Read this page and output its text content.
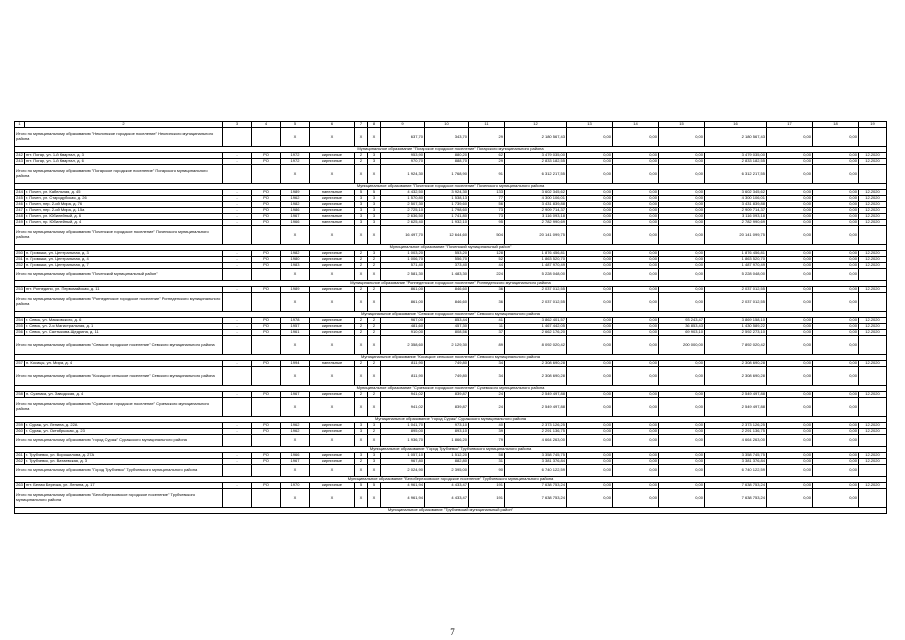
1	2	3	4	5	6	7	8	9	10	11	12	13	14	15	16	17	18	19
Итого по муниципальному образованию "Неклинское городское поселение" Неклинского муниципального района				X	X	X	X	637,70	343,70	29	2 180 567,43	0,00	0,00	0,00	2 180 567,43	0,00	0,00	
Муниципальное образование "Погарское городское поселение" Погарского муниципального района																		
242	пгт. Погар, ул. 1-й Квартал, д. 3	-	РО	1972	кирпичные	2	3	953,90	880,20	62	3 479 035,00	0,00	0,00	0,00	3 479 035,00	0,00	0,00	12.2020
243	пгт. Погар, ул. 1-й Квартал, д. 6	-	РО	1972	кирпичные	2	3	970,70	888,70	29	2 833 182,55	0,00	0,00	0,00	2 833 182,55	0,00	0,00	12.2020
Итого по муниципальному образованию "Погарское городское поселение" Погарского муниципального района				X	X	X	X	1 924,30	1 768,90	91	6 312 217,55	0,00	0,00	0,00	6 312 217,55	0,00	0,00	
Муниципальное образование "Почепское городское поселение" Почепского муниципального района																		
244	г. Почеп, ул. Кабельная, д. 45	-	РО	1989	панельные	5	5	4 432,50	3 924,30	133	3 602 345,62	0,00	0,00	0,00	3 602 345,62	0,00	0,00	12.2020
245	г. Почеп, ул. Стародубская, д. 26	-	РО	1962	кирпичные	3	3	1 570,80	1 538,13	77	4 300 106,01	0,00	0,00	0,00	4 300 106,01	0,00	0,00	12.2020
246	г. Почеп, пер. 2-ой Мира, д. 76	-	РО	1982	кирпичные	3	3	2 507,30	1 739,60	56	3 431 839,88	0,00	0,00	0,00	3 431 839,88	0,00	0,00	12.2020
247	г. Почеп, пер. 2-ой Мира, д. 15а	-	РО	1986	кирпичные	3	3	2 725,10	1 798,60	73	2 909 714,37	0,00	0,00	0,00	2 909 714,37	0,00	0,00	12.2020
248	г. Почеп, ул. Юбилейный, д. 6	-	РО	1967	панельные	3	3	2 636,50	1 741,80	73	3 116 093,18	0,00	0,00	0,00	3 116 093,18	0,00	0,00	12.2020
249	г. Почеп, пр. Юбилейный, д. 4	-	РО	1966	панельные	3	3	2 625,40	1 932,10	95	2 782 990,69	0,00	0,00	0,00	2 782 990,69	0,00	0,00	12.2020
Итого по муниципальному образованию "Почепское городское поселение" Почепского муниципального района				X	X	X	X	16 497,70	12 644,60	504	20 141 099,75	0,00	0,00	0,00	20 141 099,75	0,00	0,00	
Муниципальное образование "Почепский муниципальный район"																		
250	п. Громыки, ул. Центральная, д. 3	-	РО	1982	кирпичные	2	3	1 003,20	553,20	128	1 876 456,81	0,00	0,00	0,00	1 876 456,81	0,00	0,00	12.2020
251	п. Громыки, ул. Центральная, д. 4	-	РО	1980	кирпичные	2	2	1 006,70	556,70	52	1 863 520,70	0,00	0,00	0,00	1 863 520,70	0,00	0,00	12.2020
252	п. Громыки, ул. Центральная, д. 7	-	РО	1983	кирпичные	2	2	571,40	373,40	44	1 487 970,49	0,00	0,00	0,00	1 487 970,49	0,00	0,00	12.2020
Итого по муниципальному образованию "Почепский муниципальный район"				X	X	X	X	2 581,30	1 483,30	224	5 228 048,00	0,00	0,00	0,00	5 228 048,00	0,00	0,00	
Муниципальное образование "Ропнеденское городское поселение" Ропнеденского муниципального района																		
253	пгт. Рогнедино, ул. Первомайская, д. 11	-	РО	1989	кирпичные	2	2	861,00	846,60	36	2 037 012,55	0,00	0,00	0,00	2 037 012,55	0,00	0,00	12.2020
Итого по муниципальному образованию "Рогнеденское городское поселение" Рогнеденского муниципального района				X	X	X	X	861,00	846,60	36	2 037 012,55	0,00	0,00	0,00	2 037 012,55	0,00	0,00	
Муниципальное образование "Севское городское поселение" Севского муниципального района																		
254	г. Севск, ул. Маяковского, д. 6	-	РО	1978	кирпичные	2	2	967,00	853,44	41	3 862 401,57	0,00	0,00	93 243,47	3 869 158,10	0,00	0,00	12.2020
255	г. Севск, ул. 2-я Магистральная, д. 1	-	РО	1957	кирпичные	2	2	481,60	457,30	11	1 467 442,05	0,00	0,00	36 853,43	1 430 589,22	0,00	0,00	12.2020
256	г. Севск, ул. Салтыкова-Щедрина, д. 11	-	РО	1961	кирпичные	2	2	910,00	808,56	37	2 662 176,20	0,00	0,00	69 903,10	2 592 273,10	0,00	0,00	12.2020
Итого по муниципальному образованию "Севское городское поселение" Севского муниципального района				X	X	X	X	2 358,60	2 129,30	89	8 092 020,42	0,00	0,00	200 000,00	7 892 020,42	0,00	0,00	
Муниципальное образование "Косицкое сельское поселение" Севского муниципального района																		
257	п. Косицы, ул. Мира, д. 4	-	РО	1994	панельные	2	2	811,90	749,80	34	2 308 690,28	0,00	0,00	0,00	2 308 690,28	0,00	0,00	12.2020
Итого по муниципальному образованию "Косицкое сельское поселение" Севского муниципального района				X	X	X	X	811,90	749,80	34	2 308 690,28	0,00	0,00	0,00	2 308 690,28	0,00	0,00	
Муниципальное образование "Суземское городское поселение" Суземского муниципального района																		
258	п. Суземка, ул. Заводская, д. 4	-	РО	1967	кирпичные	2	2	941,02	839,87	24	2 549 497,88	0,00	0,00	0,00	2 549 497,88	0,00	0,00	12.2020
Итого по муниципальному образованию "Суземское городское поселение" Суземского муниципального района				X	X	X	X	941,02	839,87	24	2 549 497,88	0,00	0,00	0,00	2 549 497,88	0,00	0,00	
Муниципальное образование "город Сураж" Суражского муниципального района																		
259	г. Сураж, ул. Ленина, д. 22А	-	РО	1962	кирпичные	3	3	1 041,70	973,10	40	2 373 126,25	0,00	0,00	0,00	2 373 126,25	0,00	0,00	12.2020
260	г. Сураж, ул. Октябрьская, д. 23	-	РО	1962	кирпичные	3	2	895,00	893,10	39	2 291 136,75	0,00	0,00	0,00	2 291 136,75	0,00	0,00	12.2020
Итого по муниципальному образованию "город Сураж" Суражского муниципального района				X	X	X	X	1 936,70	1 866,20	79	4 664 263,00	0,00	0,00	0,00	4 664 263,00	0,00	0,00	
Муниципальное образование "Город Трубчевск" Трубчевского муниципального района																		
261	г. Трубчевск, ул. Ворошилова, д. 27А	-	РО	1966	кирпичные	3	3	1 057,10	1 512,20	58	3 358 745,75	0,00	0,00	0,00	3 358 745,75	0,00	0,00	12.2020
262	г. Трубчевск, ул. Ватаевская, д. 3	-	РО	1967	кирпичные	2	3	967,80	882,80	31	3 381 376,84	0,00	0,00	0,00	3 381 376,84	0,00	0,00	12.2020
Итого по муниципальному образованию "Город Трубчевск" Трубчевского муниципального района				X	X	X	X	2 024,90	2 395,00	90	6 740 122,59	0,00	0,00	0,00	6 740 122,59	0,00	0,00	
Муниципальное образование "Белоберезковское городское поселение" Трубчевского муниципального района																		
263	пгт. Белая Березка, ул. Ленина, д. 17	-	РО	1970	кирпичные	5	5	4 961,94	4 433,47	191	7 638 753,24	0,00	0,00	0,00	7 638 753,24	0,00	0,00	12.2020
Итого по муниципальному образованию "Белоберезковское городское поселение" Трубчевского муниципального района				X	X	X	X	4 961,94	4 433,47	191	7 638 753,24	0,00	0,00	0,00	7 638 753,24	0,00	0,00	
Муниципальное образование "Трубчевский муниципальный район"																		
7
